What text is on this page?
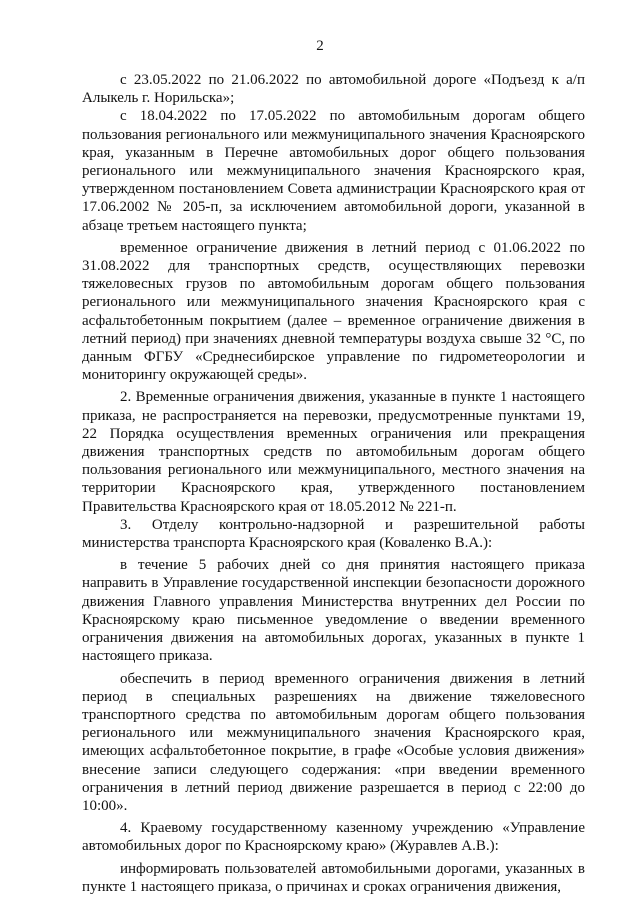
2

с 23.05.2022 по 21.06.2022 по автомобильной дороге «Подъезд к а/п Алыкель г. Норильска»;

с 18.04.2022 по 17.05.2022 по автомобильным дорогам общего пользования регионального или межмуниципального значения Красноярского края, указанным в Перечне автомобильных дорог общего пользования регионального или межмуниципального значения Красноярского края, утвержденном постановлением Совета администрации Красноярского края от 17.06.2002 № 205-п, за исключением автомобильной дороги, указанной в абзаце третьем настоящего пункта;

временное ограничение движения в летний период с 01.06.2022 по 31.08.2022 для транспортных средств, осуществляющих перевозки тяжеловесных грузов по автомобильным дорогам общего пользования регионального или межмуниципального значения Красноярского края с асфальтобетонным покрытием (далее – временное ограничение движения в летний период) при значениях дневной температуры воздуха свыше 32 °С, по данным ФГБУ «Среднесибирское управление по гидрометеорологии и мониторингу окружающей среды».

2. Временные ограничения движения, указанные в пункте 1 настоящего приказа, не распространяется на перевозки, предусмотренные пунктами 19, 22 Порядка осуществления временных ограничения или прекращения движения транспортных средств по автомобильным дорогам общего пользования регионального или межмуниципального, местного значения на территории Красноярского края, утвержденного постановлением Правительства Красноярского края от 18.05.2012 № 221-п.

3. Отделу контрольно-надзорной и разрешительной работы министерства транспорта Красноярского края (Коваленко В.А.):

в течение 5 рабочих дней со дня принятия настоящего приказа направить в Управление государственной инспекции безопасности дорожного движения Главного управления Министерства внутренних дел России по Красноярскому краю письменное уведомление о введении временного ограничения движения на автомобильных дорогах, указанных в пункте 1 настоящего приказа.

обеспечить в период временного ограничения движения в летний период в специальных разрешениях на движение тяжеловесного транспортного средства по автомобильным дорогам общего пользования регионального или межмуниципального значения Красноярского края, имеющих асфальтобетонное покрытие, в графе «Особые условия движения» внесение записи следующего содержания: «при введении временного ограничения в летний период движение разрешается в период с 22:00 до 10:00».

4. Краевому государственному казенному учреждению «Управление автомобильных дорог по Красноярскому краю» (Журавлев А.В.):

информировать пользователей автомобильными дорогами, указанных в пункте 1 настоящего приказа, о причинах и сроках ограничения движения,
